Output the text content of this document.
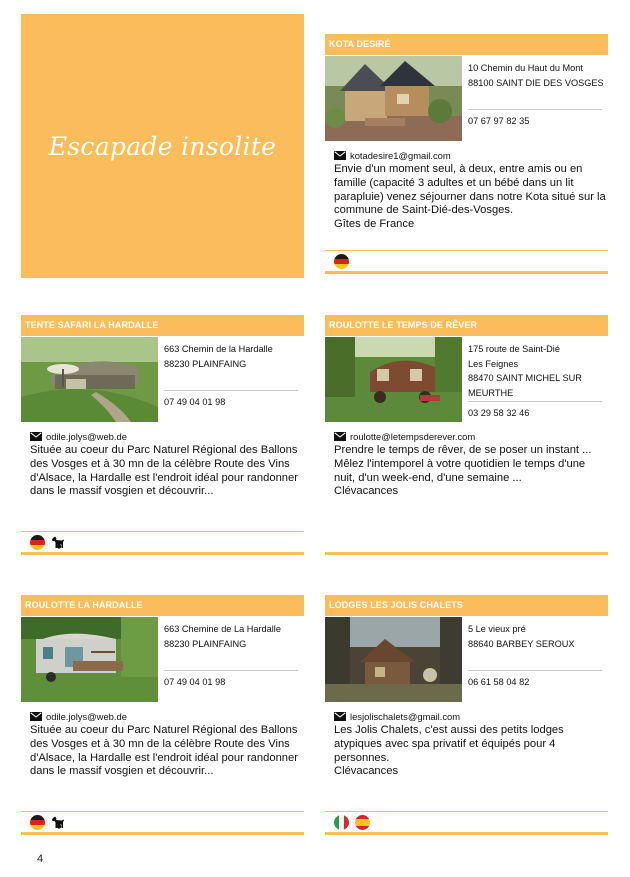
Escapade insolite
KOTA DESIRÉ
10 Chemin du Haut du Mont
88100 SAINT DIE DES VOSGES
07 67 97 82 35
kotadesire1@gmail.com
Envie d'un moment seul, à deux, entre amis ou en famille (capacité 3 adultes et un bébé dans un lit parapluie) venez séjourner dans notre Kota situé sur la commune de Saint-Dié-des-Vosges.
Gîtes de France
TENTE SAFARI LA HARDALLE
663 Chemin de la Hardalle
88230 PLAINFAING
07 49 04 01 98
odile.jolys@web.de
Située au coeur du Parc Naturel Régional des Ballons des Vosges et à 30 mn de la célèbre Route des Vins d'Alsace, la Hardalle est l'endroit idéal pour randonner dans le massif vosgien et découvrir...
ROULOTTE LE TEMPS DE RÊVER
175 route de Saint-Dié
Les Feignes
88470 SAINT MICHEL SUR MEURTHE
03 29 58 32 46
roulotte@letempsderever.com
Prendre le temps de rêver, de se poser un instant ... Mêlez l'intemporel à votre quotidien le temps d'une nuit, d'un week-end, d'une semaine ...
Clévacances
ROULOTTE LA HARDALLE
663 Chemine de La Hardalle
88230 PLAINFAING
07 49 04 01 98
odile.jolys@web.de
Située au coeur du Parc Naturel Régional des Ballons des Vosges et à 30 mn de la célèbre Route des Vins d'Alsace, la Hardalle est l'endroit idéal pour randonner dans le massif vosgien et découvrir...
LODGES LES JOLIS CHALETS
5 Le vieux pré
88640 BARBEY SEROUX
06 61 58 04 82
lesjolischalets@gmail.com
Les Jolis Chalets, c'est aussi des petits lodges atypiques avec spa privatif et équipés pour 4 personnes.
Clévacances
4
